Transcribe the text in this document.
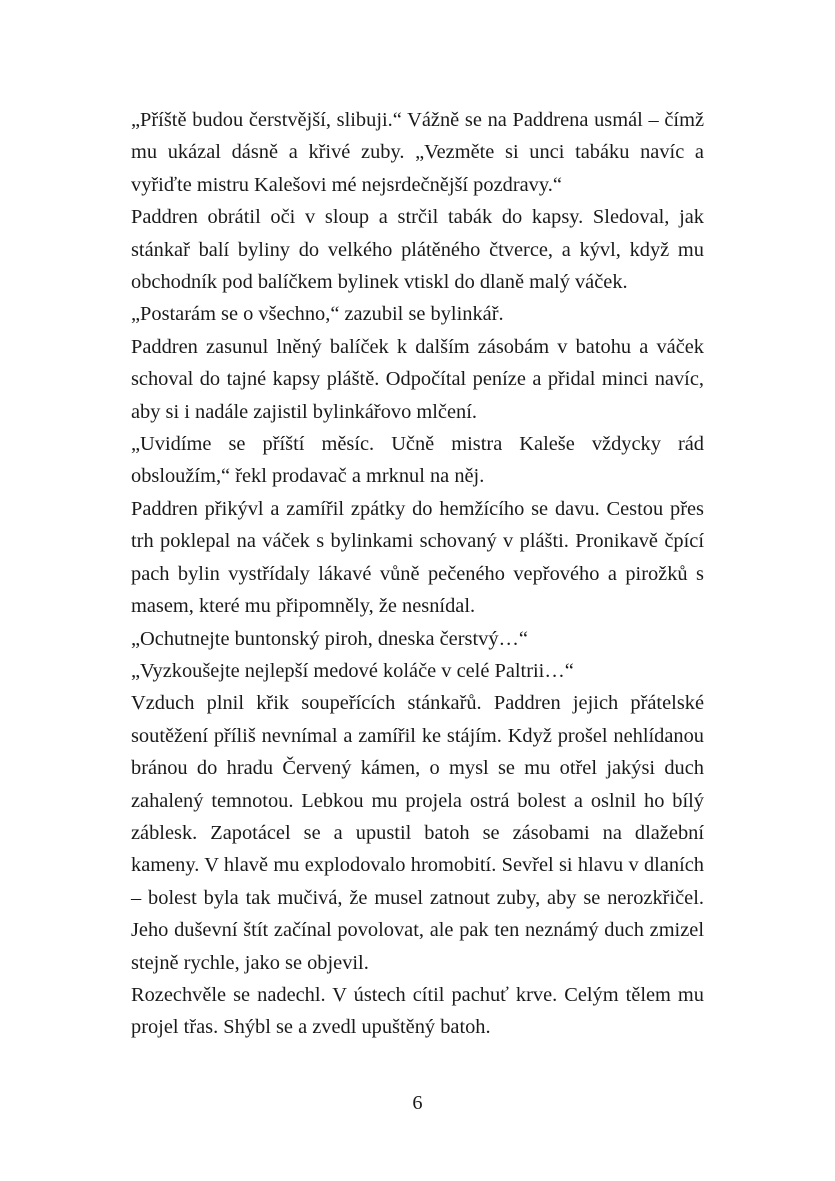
„Příště budou čerstvější, slibuji.“ Vážně se na Paddrena usmál – čímž mu ukázal dásně a křivé zuby. „Vezměte si unci tabáku navíc a vyřiďte mistru Kalešovi mé nejsrdečnější pozdravy.“

Paddren obrátil oči v sloup a strčil tabák do kapsy. Sledoval, jak stánkař balí byliny do velkého plátěného čtverce, a kývl, když mu obchodník pod balíčkem bylinek vtiskl do dlaně malý váček.

„Postarám se o všechno,“ zazubil se bylinkář.

Paddren zasunul lněný balíček k dalším zásobám v batohu a váček schoval do tajné kapsy pláště. Odpočítal peníze a přidal minci navíc, aby si i nadále zajistil bylinkářovo mlčení.

„Uvidíme se příští měsíc. Učně mistra Kaleše vždycky rád obsloužím,“ řekl prodavač a mrknul na něj.

Paddren přikývl a zamířil zpátky do hemžícího se davu. Cestou přes trh poklepal na váček s bylinkami schovaný v plášti. Pronikavě čpící pach bylin vystřídaly lákavé vůně pečeného vepřového a pirožků s masem, které mu připomněly, že nesnídal.

„Ochutnejte buntonský piroh, dneska čerstvý…“

„Vyzkoušejte nejlepší medové koláče v celé Paltrii…“

Vzduch plnil křik soupeřících stánkařů. Paddren jejich přátelské soutěžení příliš nevnímal a zamířil ke stájím. Když prošel nehlídanou bránou do hradu Červený kámen, o mysl se mu otřel jakýsi duch zahalený temnotou. Lebkou mu projela ostrá bolest a oslnil ho bílý záblesk. Zapotácel se a upustil batoh se zásobami na dlažební kameny. V hlavě mu explodovalo hromobití. Sevřel si hlavu v dlaních – bolest byla tak mučivá, že musel zatnout zuby, aby se nerozkřičel. Jeho duševní štít začínal povolovat, ale pak ten neznámý duch zmizel stejně rychle, jako se objevil.

Rozechvěle se nadechl. V ústech cítil pachuť krve. Celým tělem mu projel třas. Shýbl se a zvedl upuštěný batoh.

6
